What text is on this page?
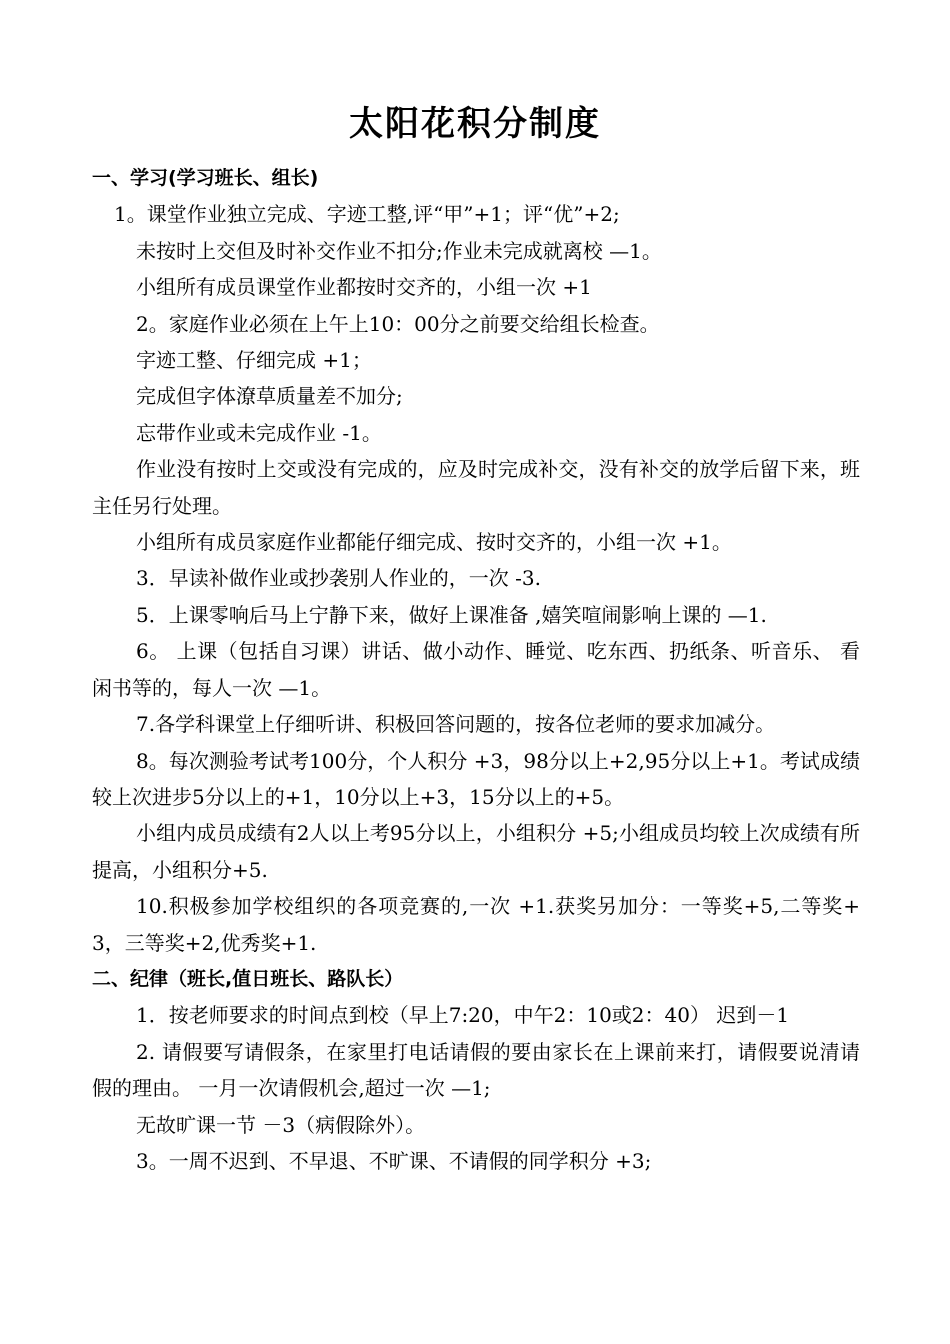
太阳花积分制度

一、学习(学习班长、组长)

1。课堂作业独立完成、字迹工整,评“甲”+1；评“优”+2;

未按时上交但及时补交作业不扣分;作业未完成就离校 —1。

小组所有成员课堂作业都按时交齐的，小组一次 +1

2。家庭作业必须在上午上10：00分之前要交给组长检查。

字迹工整、仔细完成 +1；

完成但字体潦草质量差不加分;

忘带作业或未完成作业 -1。

作业没有按时上交或没有完成的，应及时完成补交，没有补交的放学后留下来，班主任另行处理。

小组所有成员家庭作业都能仔细完成、按时交齐的，小组一次 +1。

3．早读补做作业或抄袭别人作业的，一次 -3.

5．上课零响后马上宁静下来，做好上课准备 ,嬉笑喧闹影响上课的 —1.

6。 上课（包括自习课）讲话、做小动作、睡觉、吃东西、扔纸条、听音乐、 看闲书等的，每人一次 —1。

7.各学科课堂上仔细听讲、积极回答问题的，按各位老师的要求加减分。

8。每次测验考试考100分，个人积分 +3，98分以上+2,95分以上+1。考试成绩较上次进步5分以上的+1，10分以上+3，15分以上的+5。

小组内成员成绩有2人以上考95分以上，小组积分 +5;小组成员均较上次成绩有所提高，小组积分+5.

10.积极参加学校组织的各项竞赛的,一次 +1.获奖另加分：一等奖+5,二等奖+3，三等奖+2,优秀奖+1.

二、纪律（班长,值日班长、路队长）

1．按老师要求的时间点到校（早上7:20，中午2：10或2：40） 迟到－1

2. 请假要写请假条，在家里打电话请假的要由家长在上课前来打，请假要说清请假的理由。 一月一次请假机会,超过一次 —1;

无故旷课一节 －3（病假除外）。

3。一周不迟到、不早退、不旷课、不请假的同学积分 +3;
